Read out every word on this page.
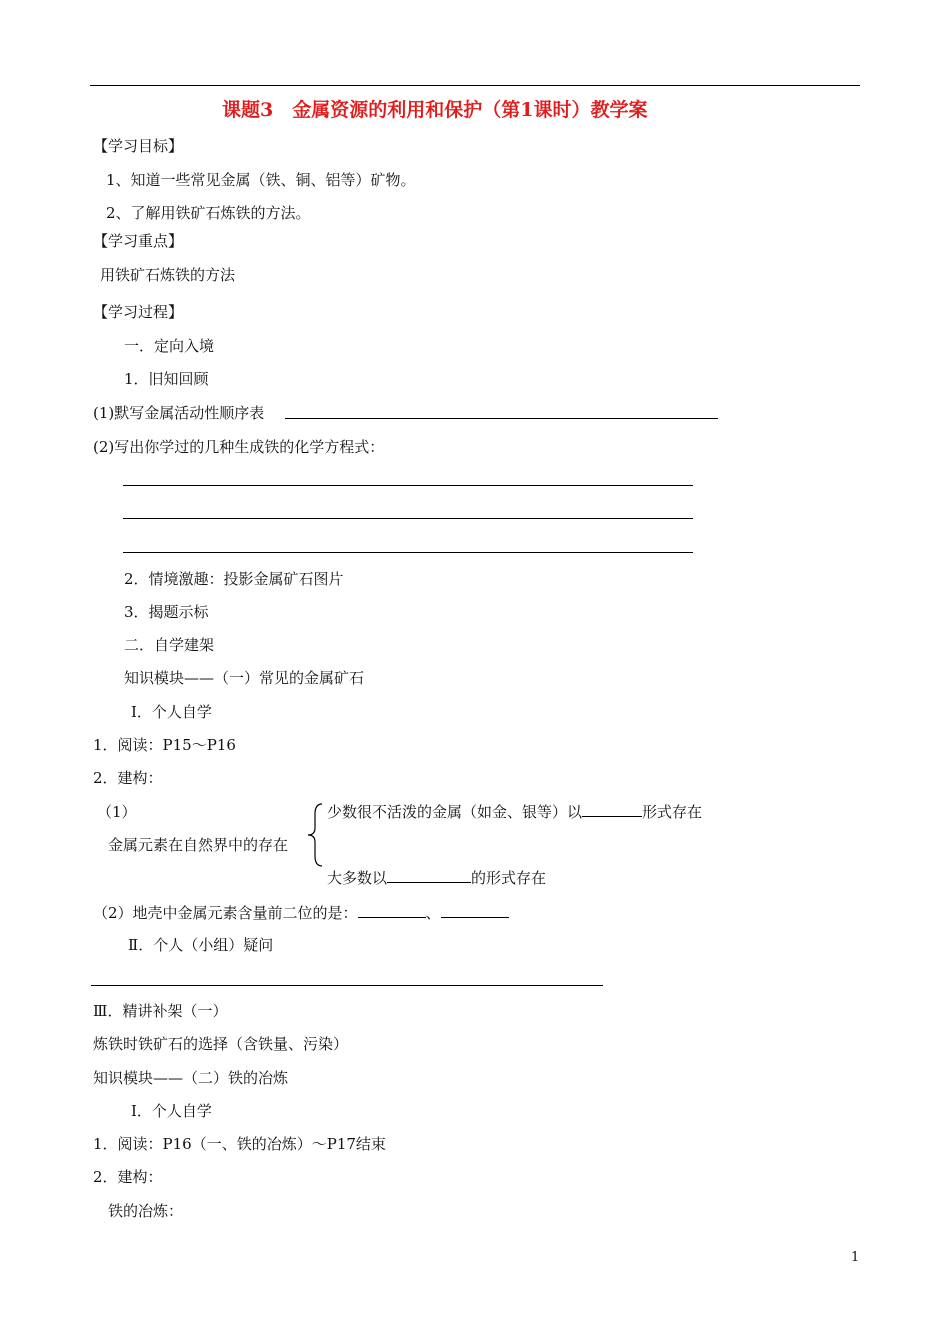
课题3　金属资源的利用和保护（第1课时）教学案
【学习目标】
1、知道一些常见金属（铁、铜、铝等）矿物。
2、了解用铁矿石炼铁的方法。
【学习重点】
用铁矿石炼铁的方法
【学习过程】
一．定向入境
1．旧知回顾
(1)默写金属活动性顺序表
(2)写出你学过的几种生成铁的化学方程式：
2．情境激趣：投影金属矿石图片
3．揭题示标
二．自学建架
知识模块——（一）常见的金属矿石
Ⅰ．个人自学
1．阅读：P15～P16
2．建构：
（1）
金属元素在自然界中的存在
少数很不活泼的金属（如金、银等）以	形式存在
大多数以	的形式存在
（2）地壳中金属元素含量前二位的是：	、
Ⅱ．个人（小组）疑问
Ⅲ．精讲补架（一）
炼铁时铁矿石的选择（含铁量、污染）
知识模块——（二）铁的冶炼
Ⅰ．个人自学
1．阅读：P16（一、铁的冶炼）～P17结束
2．建构：
铁的冶炼：
1
